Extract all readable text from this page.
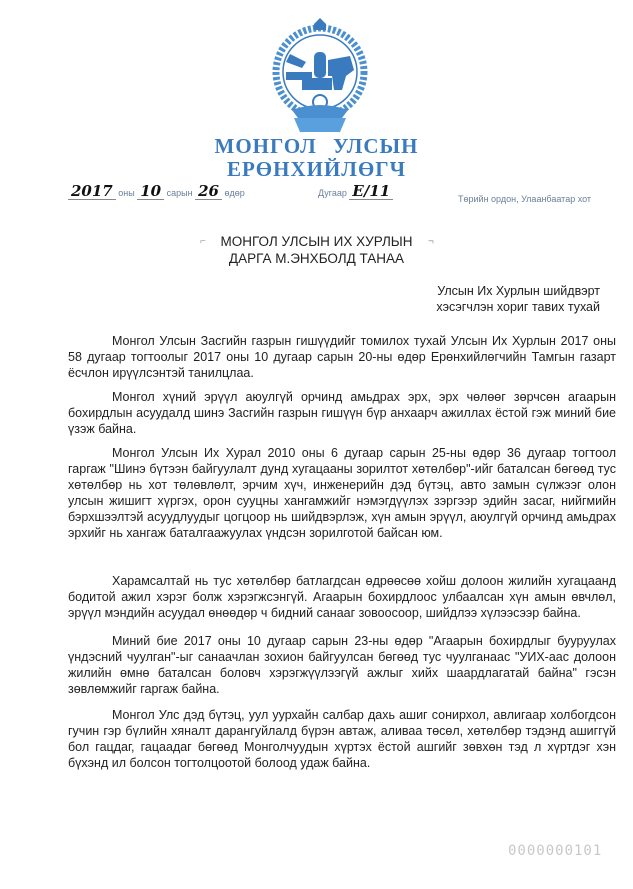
МОНГОЛ УЛСЫН
ЕРӨНХИЙЛӨГЧ
2017 оны 10 сарын 26 өдөр	Дугаар Е/11	Төрийн ордон, Улаанбаатар хот
⌐	¬
МОНГОЛ УЛСЫН ИХ ХУРЛЫН
ДАРГА М.ЭНХБОЛД ТАНАА
Улсын Их Хурлын шийдвэрт
хэсэгчлэн хориг тавих тухай

Монгол Улсын Засгийн газрын гишүүдийг томилох тухай Улсын Их Хурлын 2017 оны 58 дугаар тогтоолыг 2017 оны 10 дугаар сарын 20-ны өдөр Ерөнхийлөгчийн Тамгын газарт ёсчлон ирүүлсэнтэй танилцлаа.

Монгол хүний эрүүл аюулгүй орчинд амьдрах эрх, эрх чөлөөг зөрчсөн агаарын бохирдлын асуудалд шинэ Засгийн газрын гишүүн бүр анхаарч ажиллах ёстой гэж миний бие үзэж байна.

Монгол Улсын Их Хурал 2010 оны 6 дугаар сарын 25-ны өдөр 36 дугаар тогтоол гаргаж "Шинэ бүтээн байгуулалт дунд хугацааны зорилтот хөтөлбөр"-ийг баталсан бөгөөд тус хөтөлбөр нь хот төлөвлөлт, эрчим хүч, инженерийн дэд бүтэц, авто замын сүлжээг олон улсын жишигт хүргэх, орон сууцны хангамжийг нэмэгдүүлэх зэргээр эдийн засаг, нийгмийн бэрхшээлтэй асуудлуудыг цогцоор нь шийдвэрлэж, хүн амын эрүүл, аюулгүй орчинд амьдрах эрхийг нь хангаж баталгаажуулах үндсэн зорилготой байсан юм.

Харамсалтай нь тус хөтөлбөр батлагдсан өдрөөсөө хойш долоон жилийн хугацаанд бодитой ажил хэрэг болж хэрэгжсэнгүй. Агаарын бохирдлоос улбаалсан хүн амын өвчлөл, эрүүл мэндийн асуудал өнөөдөр ч бидний санааг зовоосоор, шийдлээ хүлээсээр байна.

Миний бие 2017 оны 10 дугаар сарын 23-ны өдөр "Агаарын бохирдлыг бууруулах үндэсний чуулган"-ыг санаачлан зохион байгуулсан бөгөөд тус чуулганаас "УИХ-аас долоон жилийн өмнө баталсан боловч хэрэгжүүлээгүй ажлыг хийх шаардлагатай байна" гэсэн зөвлөмжийг гаргаж байна.

Монгол Улс дэд бүтэц, уул уурхайн салбар дахь ашиг сонирхол, авлигаар холбогдсон гучин гэр бүлийн хяналт дарангуйлалд бүрэн автаж, аливаа төсөл, хөтөлбөр тэдэнд ашиггүй бол гацдаг, гацаадаг бөгөөд Монголчуудын хүртэх ёстой ашгийг зөвхөн тэд л хүртдэг хэн бүхэнд ил болсон тогтолцоотой болоод удаж байна.

0000000101
